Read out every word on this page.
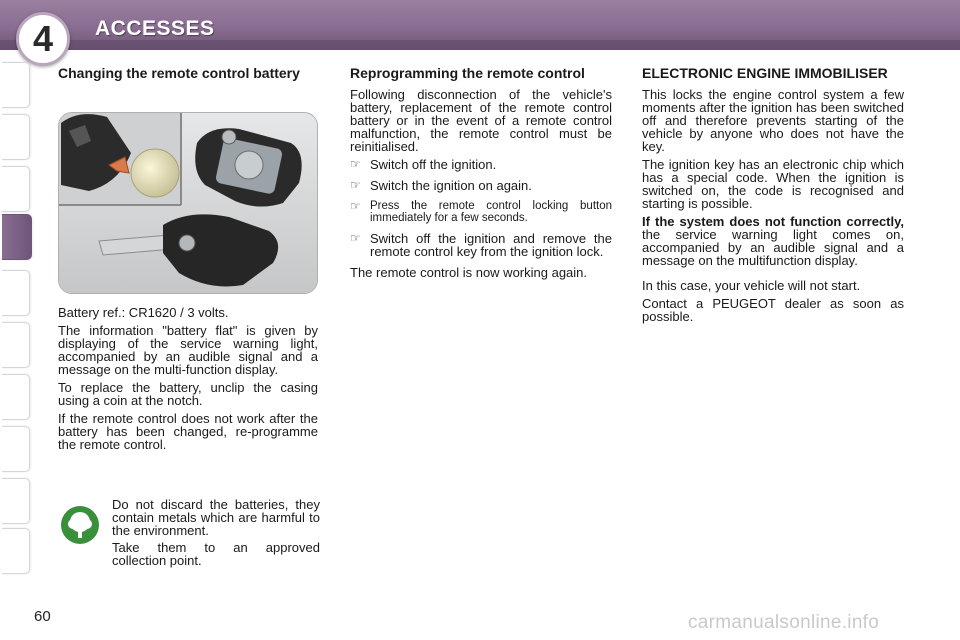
4 ACCESSES
Changing the remote control battery

Battery ref.: CR1620 / 3 volts.

The information "battery flat" is given by displaying of the service warning light, accompanied by an audible signal and a message on the multi-function display.

To replace the battery, unclip the casing using a coin at the notch.

If the remote control does not work after the battery has been changed, re-programme the remote control.

Do not discard the batteries, they contain metals which are harmful to the environment.

Take them to an approved collection point.

Reprogramming the remote control

Following disconnection of the vehicle's battery, replacement of the remote control battery or in the event of a remote control malfunction, the remote control must be reinitialised.

☞ Switch off the ignition.
☞ Switch the ignition on again.
☞ Press the remote control locking button immediately for a few seconds.
☞ Switch off the ignition and remove the remote control key from the ignition lock.

The remote control is now working again.

ELECTRONIC ENGINE IMMOBILISER

This locks the engine control system a few moments after the ignition has been switched off and therefore prevents starting of the vehicle by anyone who does not have the key.

The ignition key has an electronic chip which has a special code. When the ignition is switched on, the code is recognised and starting is possible.

If the system does not function correctly, the service warning light comes on, accompanied by an audible signal and a message on the multifunction display.

In this case, your vehicle will not start.

Contact a PEUGEOT dealer as soon as possible.

60	carmanualsonline.info
